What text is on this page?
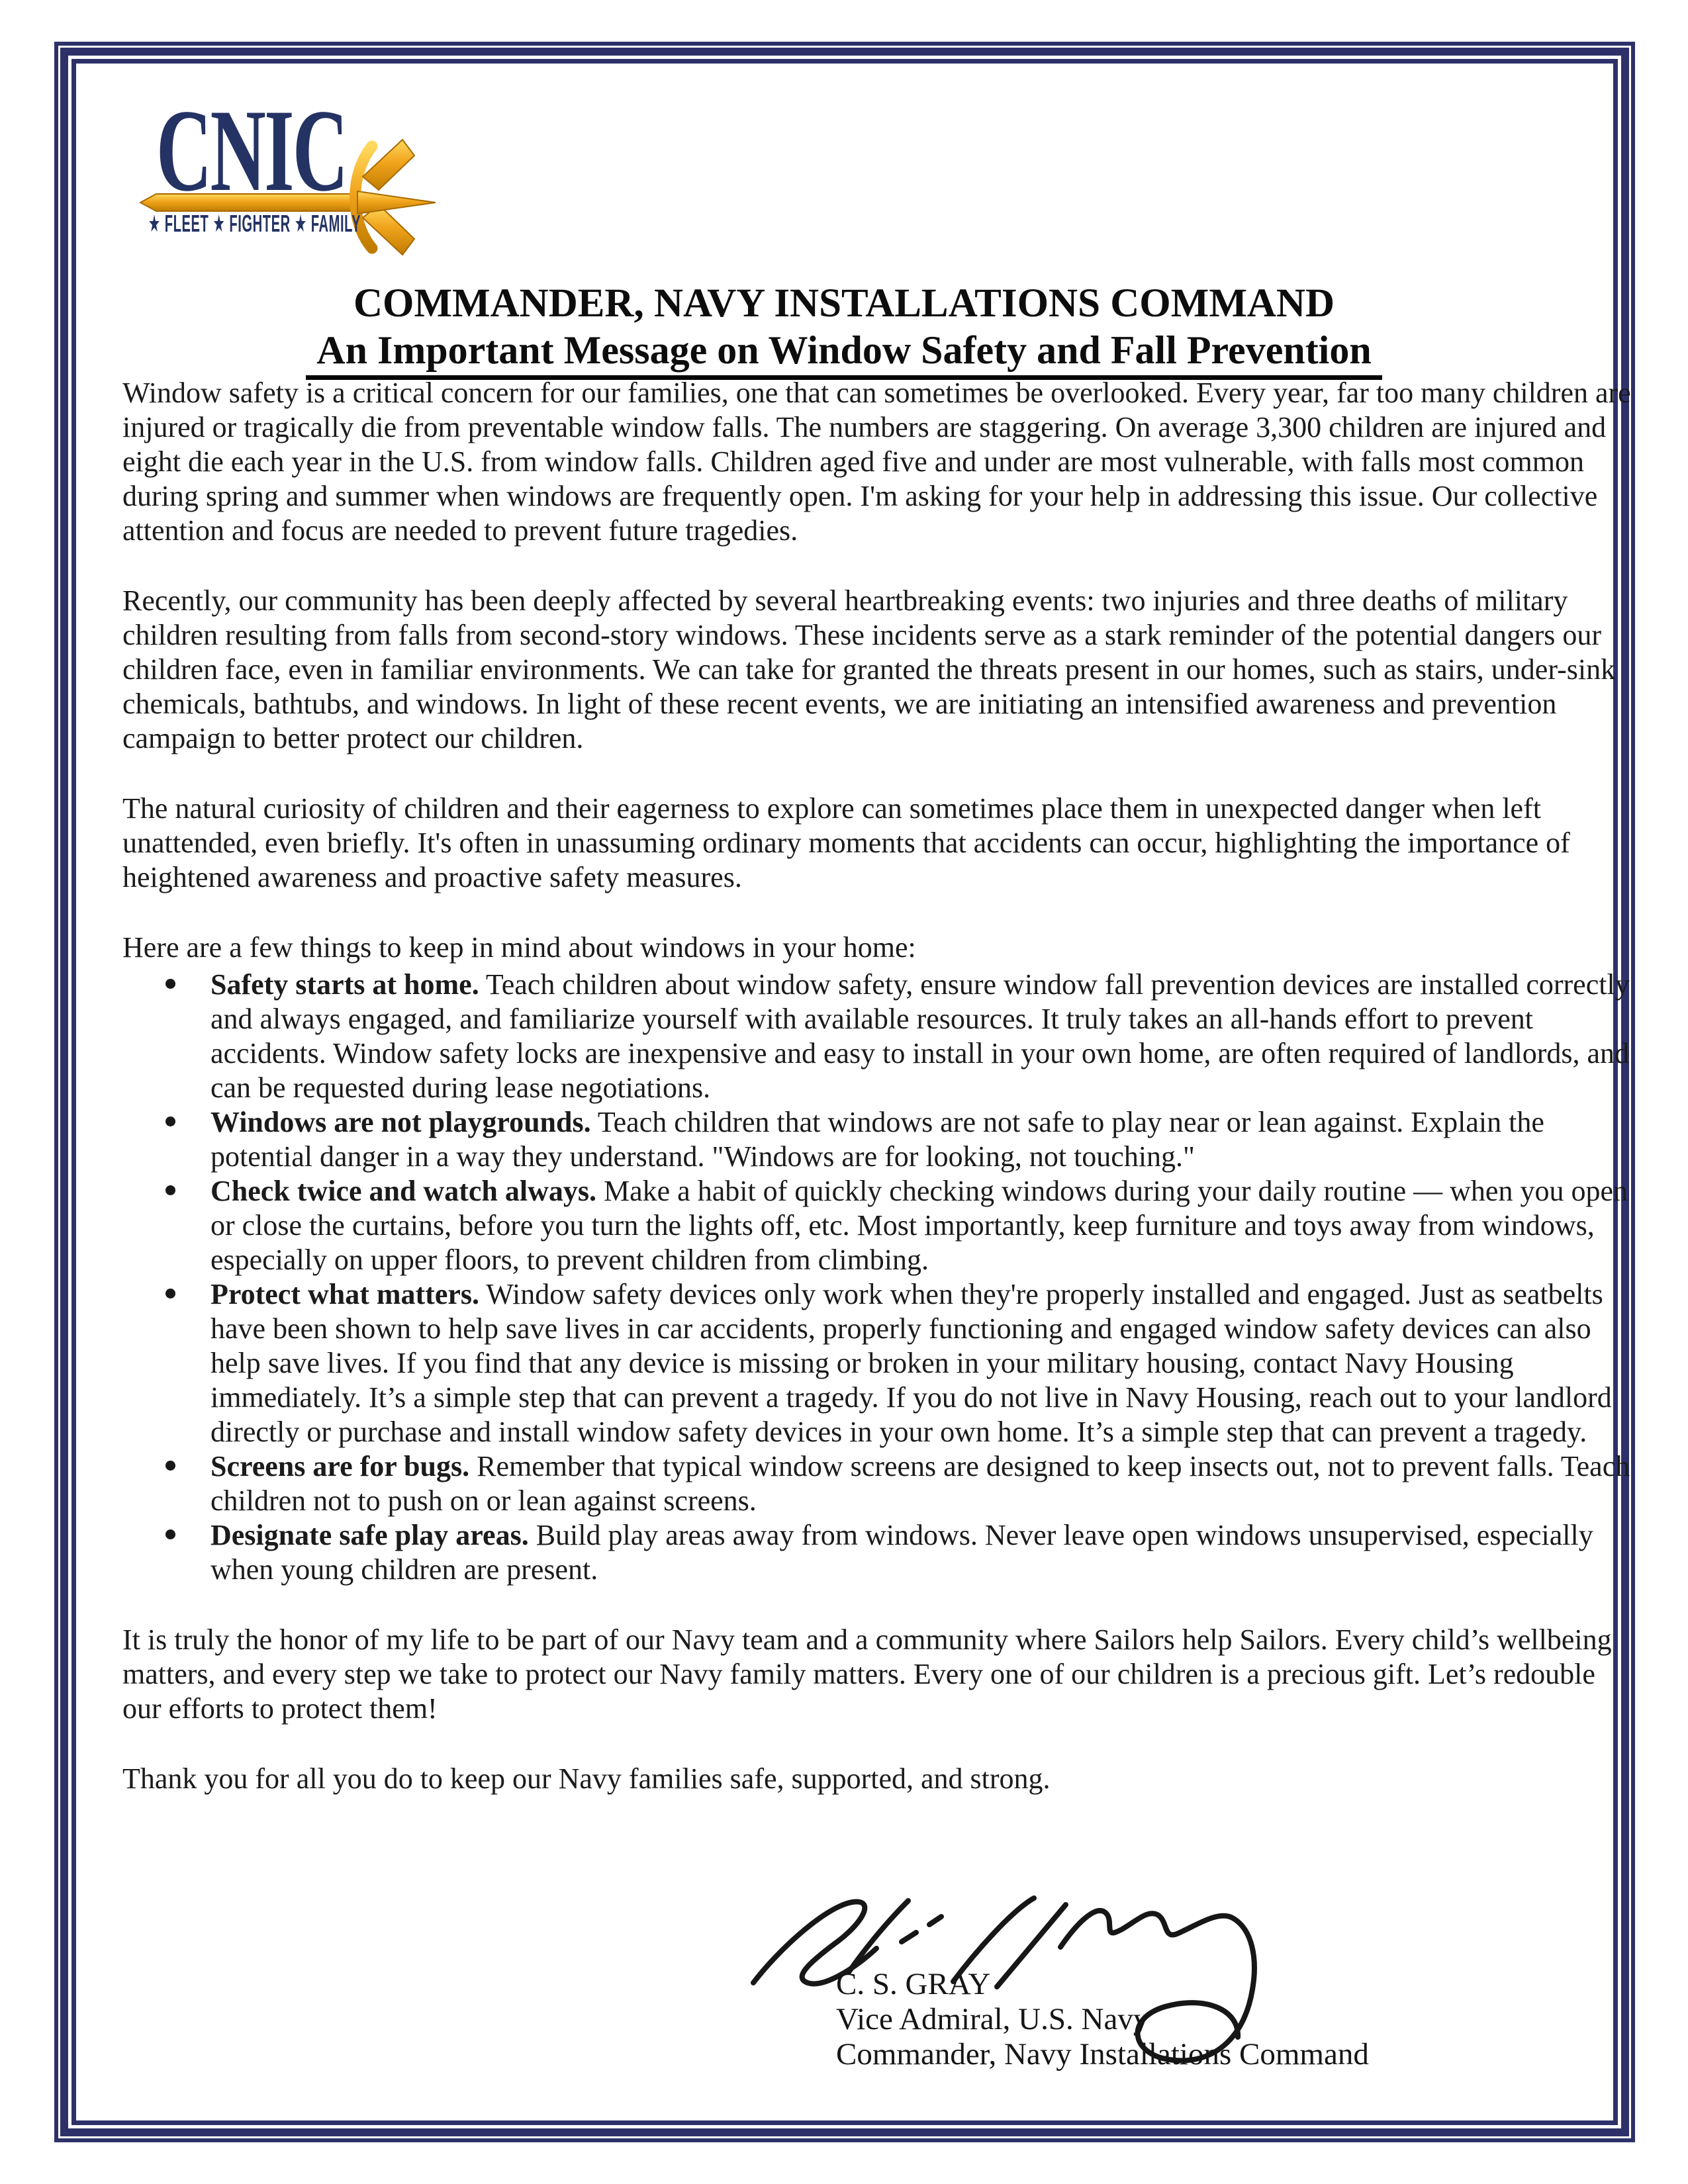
CNIC
★ FLEET ★ FIGHTER ★ FAMILY
COMMANDER, NAVY INSTALLATIONS COMMAND
An Important Message on Window Safety and Fall Prevention

Window safety is a critical concern for our families, one that can sometimes be overlooked. Every year, far too many children are injured or tragically die from preventable window falls. The numbers are staggering. On average 3,300 children are injured and eight die each year in the U.S. from window falls. Children aged five and under are most vulnerable, with falls most common during spring and summer when windows are frequently open. I'm asking for your help in addressing this issue. Our collective attention and focus are needed to prevent future tragedies.

Recently, our community has been deeply affected by several heartbreaking events: two injuries and three deaths of military children resulting from falls from second-story windows. These incidents serve as a stark reminder of the potential dangers our children face, even in familiar environments. We can take for granted the threats present in our homes, such as stairs, under-sink chemicals, bathtubs, and windows. In light of these recent events, we are initiating an intensified awareness and prevention campaign to better protect our children.

The natural curiosity of children and their eagerness to explore can sometimes place them in unexpected danger when left unattended, even briefly. It's often in unassuming ordinary moments that accidents can occur, highlighting the importance of heightened awareness and proactive safety measures.

Here are a few things to keep in mind about windows in your home:

Safety starts at home. Teach children about window safety, ensure window fall prevention devices are installed correctly and always engaged, and familiarize yourself with available resources. It truly takes an all-hands effort to prevent accidents. Window safety locks are inexpensive and easy to install in your own home, are often required of landlords, and can be requested during lease negotiations.
Windows are not playgrounds. Teach children that windows are not safe to play near or lean against. Explain the potential danger in a way they understand. "Windows are for looking, not touching."
Check twice and watch always. Make a habit of quickly checking windows during your daily routine — when you open or close the curtains, before you turn the lights off, etc. Most importantly, keep furniture and toys away from windows, especially on upper floors, to prevent children from climbing.
Protect what matters. Window safety devices only work when they're properly installed and engaged. Just as seatbelts have been shown to help save lives in car accidents, properly functioning and engaged window safety devices can also help save lives. If you find that any device is missing or broken in your military housing, contact Navy Housing immediately. It’s a simple step that can prevent a tragedy. If you do not live in Navy Housing, reach out to your landlord directly or purchase and install window safety devices in your own home. It’s a simple step that can prevent a tragedy.
Screens are for bugs. Remember that typical window screens are designed to keep insects out, not to prevent falls. Teach children not to push on or lean against screens.
Designate safe play areas. Build play areas away from windows. Never leave open windows unsupervised, especially when young children are present.

It is truly the honor of my life to be part of our Navy team and a community where Sailors help Sailors. Every child’s wellbeing matters, and every step we take to protect our Navy family matters. Every one of our children is a precious gift. Let’s redouble our efforts to protect them!

Thank you for all you do to keep our Navy families safe, supported, and strong.

C. S. GRAY
Vice Admiral, U.S. Navy
Commander, Navy Installations Command
